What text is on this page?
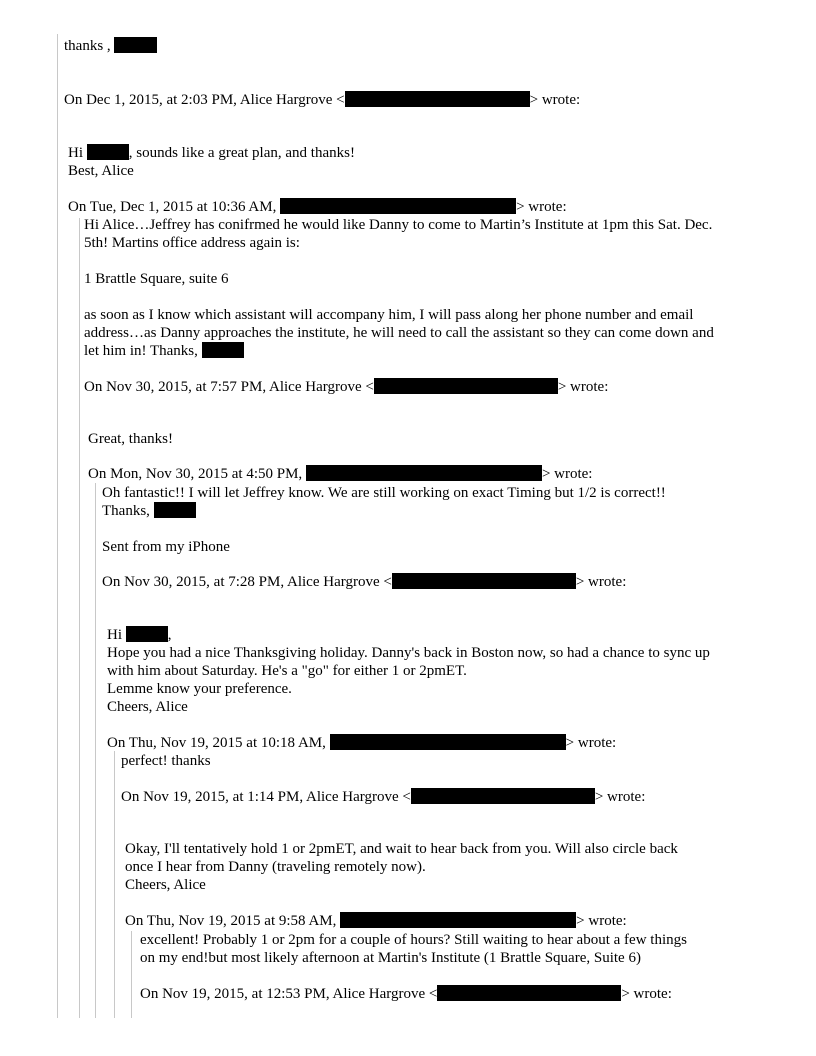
thanks ,

On Dec 1, 2015, at 2:03 PM, Alice Hargrove <	> wrote:

Hi	, sounds like a great plan, and thanks!

Best, Alice

On Tue, Dec 1, 2015 at 10:36 AM,	> wrote:

Hi Alice…Jeffrey has conifrmed he would like Danny to come to Martin’s Institute at 1pm this Sat. Dec.

5th! Martins office address again is:

1 Brattle Square, suite 6

as soon as I know which assistant will accompany him, I will pass along her phone number and email

address…as Danny approaches the institute, he will need to call the assistant so they can come down and

let him in! Thanks,

On Nov 30, 2015, at 7:57 PM, Alice Hargrove <	> wrote:

Great, thanks!

On Mon, Nov 30, 2015 at 4:50 PM,	> wrote:

Oh fantastic!! I will let Jeffrey know. We are still working on exact Timing but 1/2 is correct!!

Thanks,

Sent from my iPhone

On Nov 30, 2015, at 7:28 PM, Alice Hargrove <	> wrote:

Hi	,

Hope you had a nice Thanksgiving holiday. Danny's back in Boston now, so had a chance to sync up

with him about Saturday. He's a "go" for either 1 or 2pmET.

Lemme know your preference.

Cheers, Alice

On Thu, Nov 19, 2015 at 10:18 AM,	> wrote:

perfect! thanks

On Nov 19, 2015, at 1:14 PM, Alice Hargrove <	> wrote:

Okay, I'll tentatively hold 1 or 2pmET, and wait to hear back from you. Will also circle back

once I hear from Danny (traveling remotely now).

Cheers, Alice

On Thu, Nov 19, 2015 at 9:58 AM,	> wrote:

excellent! Probably 1 or 2pm for a couple of hours? Still waiting to hear about a few things

on my end!but most likely afternoon at Martin's Institute (1 Brattle Square, Suite 6)

On Nov 19, 2015, at 12:53 PM, Alice Hargrove <	> wrote:
